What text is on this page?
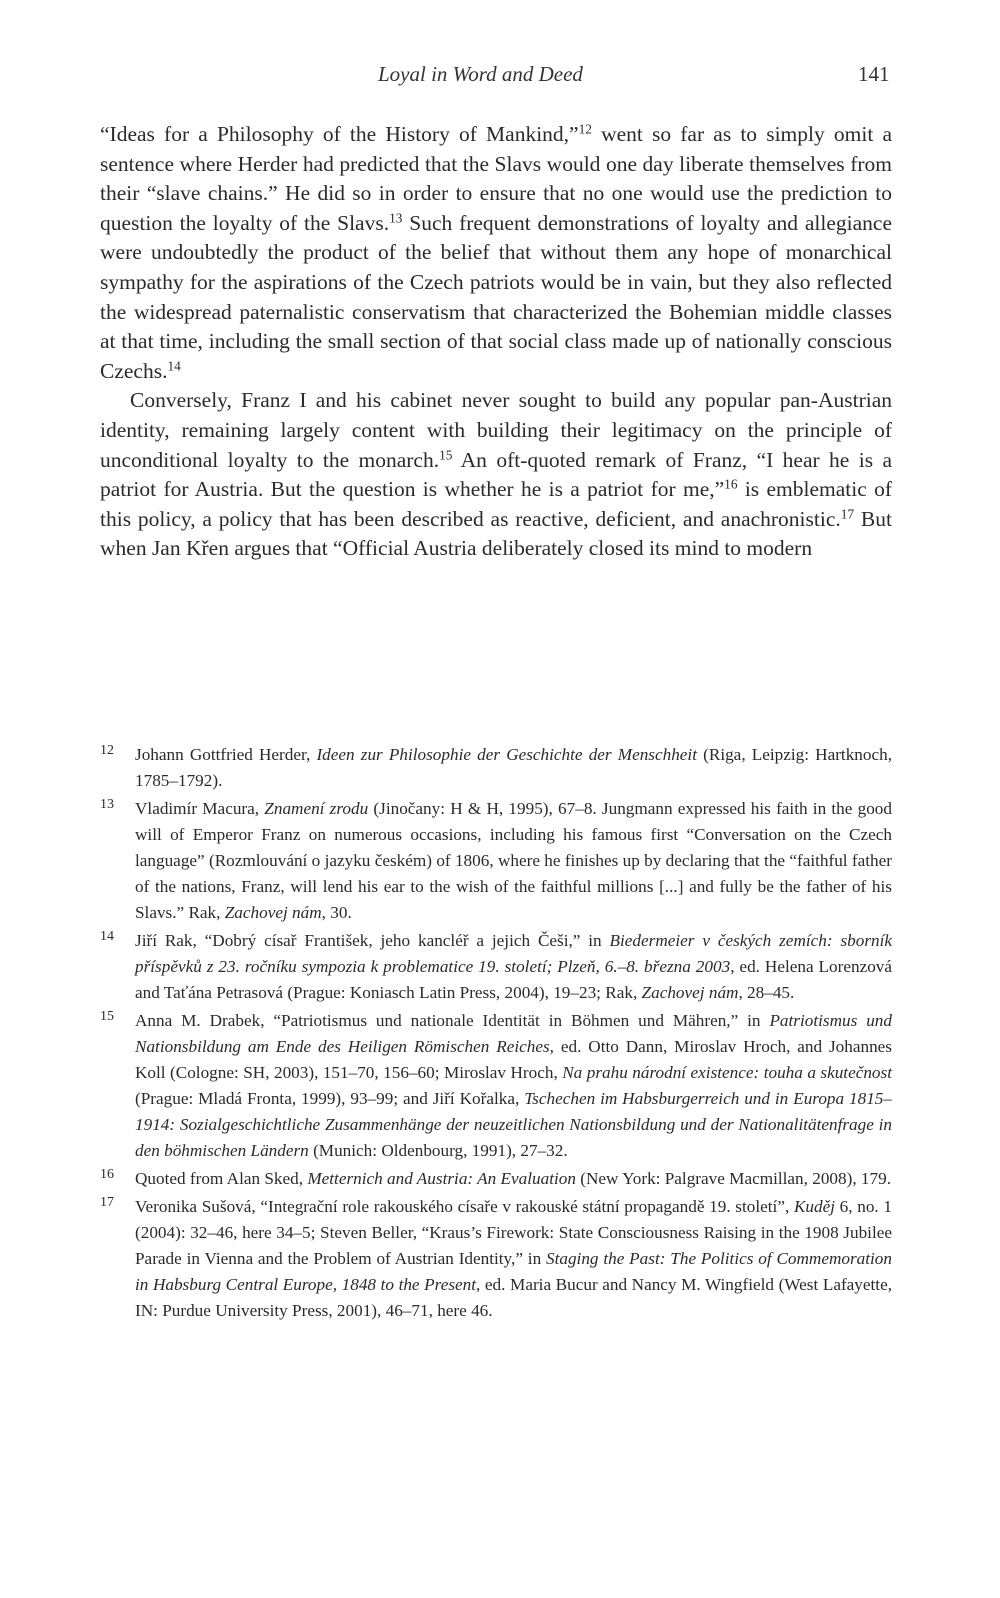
Loyal in Word and Deed	141

“Ideas for a Philosophy of the History of Mankind,”$^{12}$ went so far as to simply omit a sentence where Herder had predicted that the Slavs would one day liberate themselves from their “slave chains.” He did so in order to ensure that no one would use the prediction to question the loyalty of the Slavs.$^{13}$ Such frequent demonstrations of loyalty and allegiance were undoubtedly the product of the belief that without them any hope of monarchical sympathy for the aspirations of the Czech patriots would be in vain, but they also reflected the widespread paternalistic conservatism that characterized the Bohemian middle classes at that time, including the small section of that social class made up of nationally conscious Czechs.$^{14}$

Conversely, Franz I and his cabinet never sought to build any popular pan-Austrian identity, remaining largely content with building their legitimacy on the principle of unconditional loyalty to the monarch.$^{15}$ An oft-quoted remark of Franz, “I hear he is a patriot for Austria. But the question is whether he is a patriot for me,”$^{16}$ is emblematic of this policy, a policy that has been described as reactive, deficient, and anachronistic.$^{17}$ But when Jan Křen argues that “Official Austria deliberately closed its mind to modern

12 Johann Gottfried Herder, Ideen zur Philosophie der Geschichte der Menschheit (Riga, Leipzig: Hartknoch, 1785–1792).
13 Vladimír Macura, Znamení zrodu (Jinočany: H & H, 1995), 67–8. Jungmann expressed his faith in the good will of Emperor Franz on numerous occasions, including his famous first “Conversation on the Czech language” (Rozmlouvání o jazyku českém) of 1806, where he finishes up by declaring that the “faithful father of the nations, Franz, will lend his ear to the wish of the faithful millions [...] and fully be the father of his Slavs.” Rak, Zachovej nám, 30.
14 Jiří Rak, “Dobrý císař František, jeho kancléř a jejich Češi,” in Biedermeier v českých zemích: sborník příspěvků z 23. ročníku sympozia k problematice 19. století; Plzeň, 6.–8. března 2003, ed. Helena Lorenzová and Taťána Petrasová (Prague: Koniasch Latin Press, 2004), 19–23; Rak, Zachovej nám, 28–45.
15 Anna M. Drabek, “Patriotismus und nationale Identität in Böhmen und Mähren,” in Patriotismus und Nationsbildung am Ende des Heiligen Römischen Reiches, ed. Otto Dann, Miroslav Hroch, and Johannes Koll (Cologne: SH, 2003), 151–70, 156–60; Miroslav Hroch, Na prahu národní existence: touha a skutečnost (Prague: Mladá Fronta, 1999), 93–99; and Jiří Kořalka, Tschechen im Habsburgerreich und in Europa 1815–1914: Sozialgeschichtliche Zusammenhänge der neuzeitlichen Nationsbildung und der Nationalitätenfrage in den böhmischen Ländern (Munich: Oldenbourg, 1991), 27–32.
16 Quoted from Alan Sked, Metternich and Austria: An Evaluation (New York: Palgrave Macmillan, 2008), 179.
17 Veronika Sušová, “Integrační role rakouského císaře v rakouské státní propagandě 19. století”, Kuděj 6, no. 1 (2004): 32–46, here 34–5; Steven Beller, “Kraus’s Firework: State Consciousness Raising in the 1908 Jubilee Parade in Vienna and the Problem of Austrian Identity,” in Staging the Past: The Politics of Commemoration in Habsburg Central Europe, 1848 to the Present, ed. Maria Bucur and Nancy M. Wingfield (West Lafayette, IN: Purdue University Press, 2001), 46–71, here 46.
